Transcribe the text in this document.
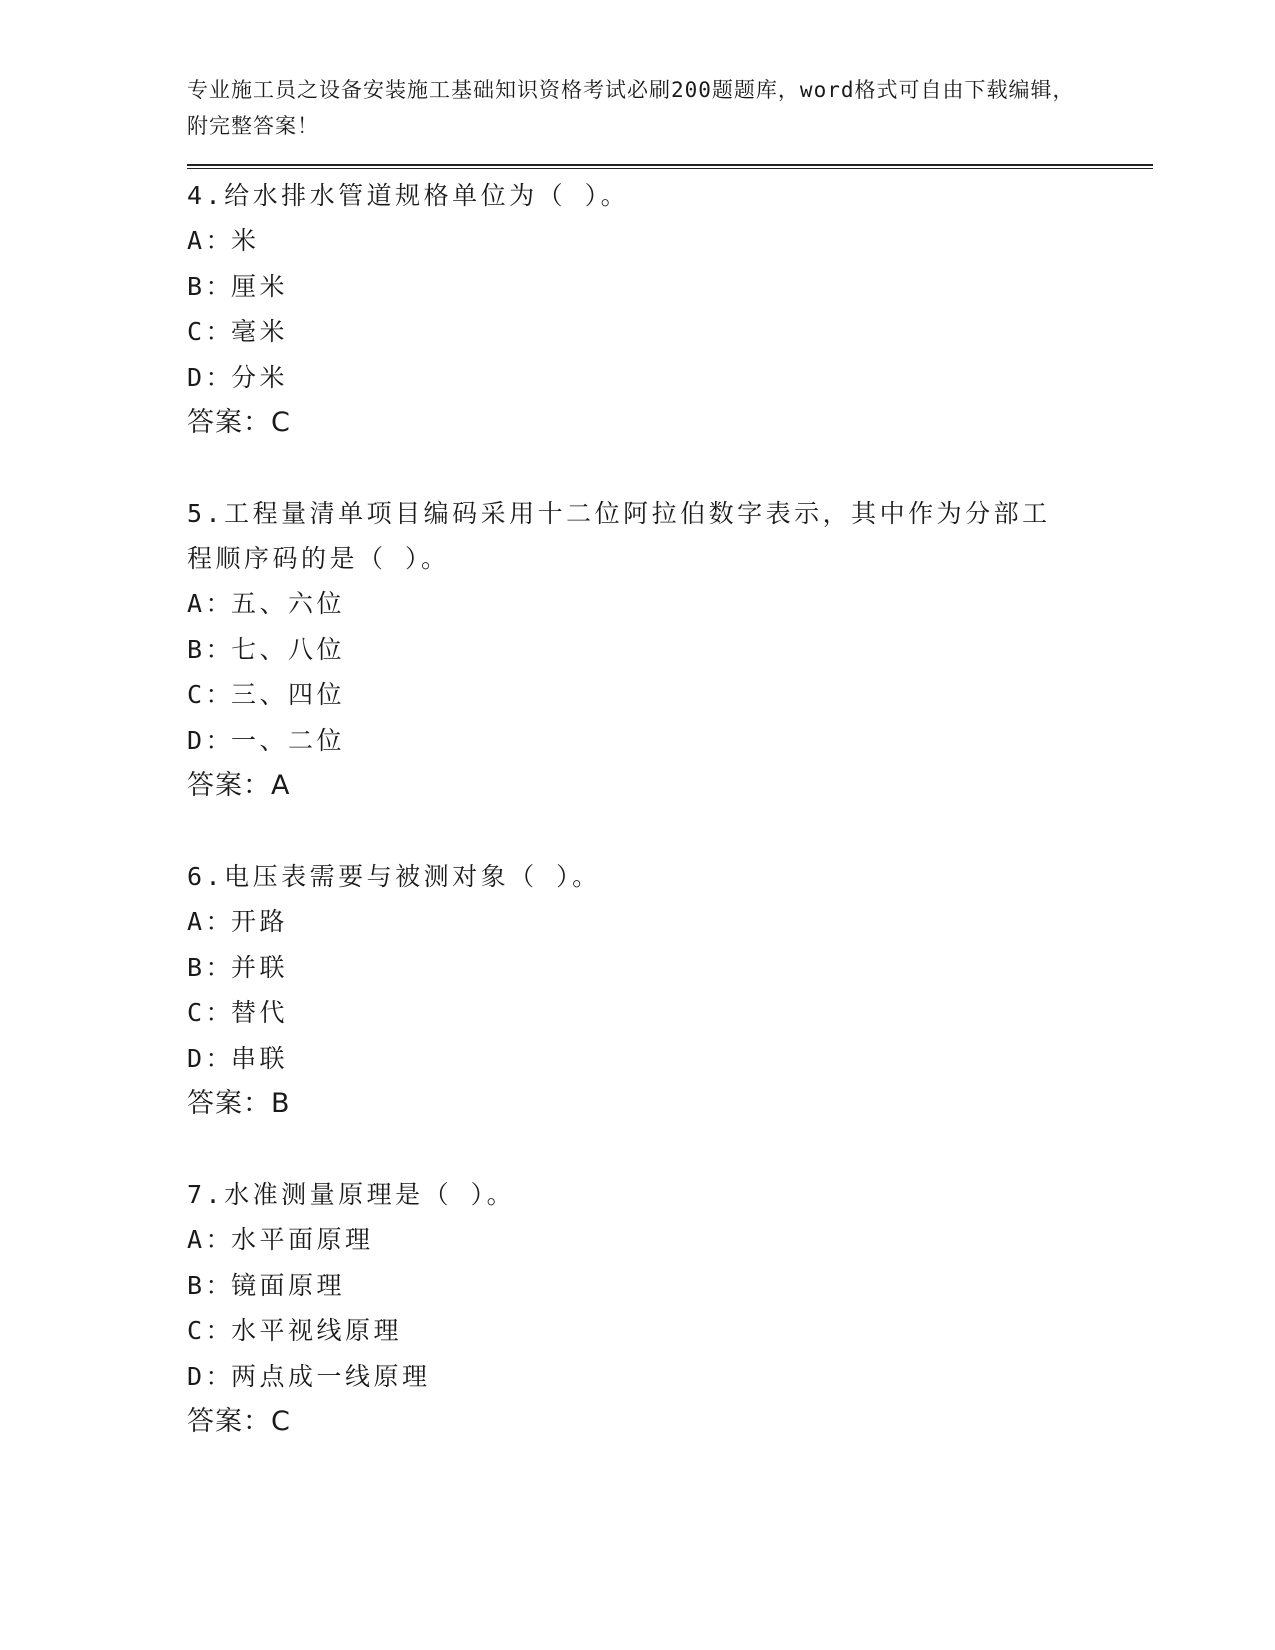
专业施工员之设备安装施工基础知识资格考试必刷200题题库，word格式可自由下载编辑，附完整答案！
4.给水排水管道规格单位为（ ）。
A：米
B：厘米
C：毫米
D：分米
答案：C
5.工程量清单项目编码采用十二位阿拉伯数字表示，其中作为分部工程顺序码的是（ ）。
A：五、六位
B：七、八位
C：三、四位
D：一、二位
答案：A
6.电压表需要与被测对象（ ）。
A：开路
B：并联
C：替代
D：串联
答案：B
7.水准测量原理是（ ）。
A：水平面原理
B：镜面原理
C：水平视线原理
D：两点成一线原理
答案：C
